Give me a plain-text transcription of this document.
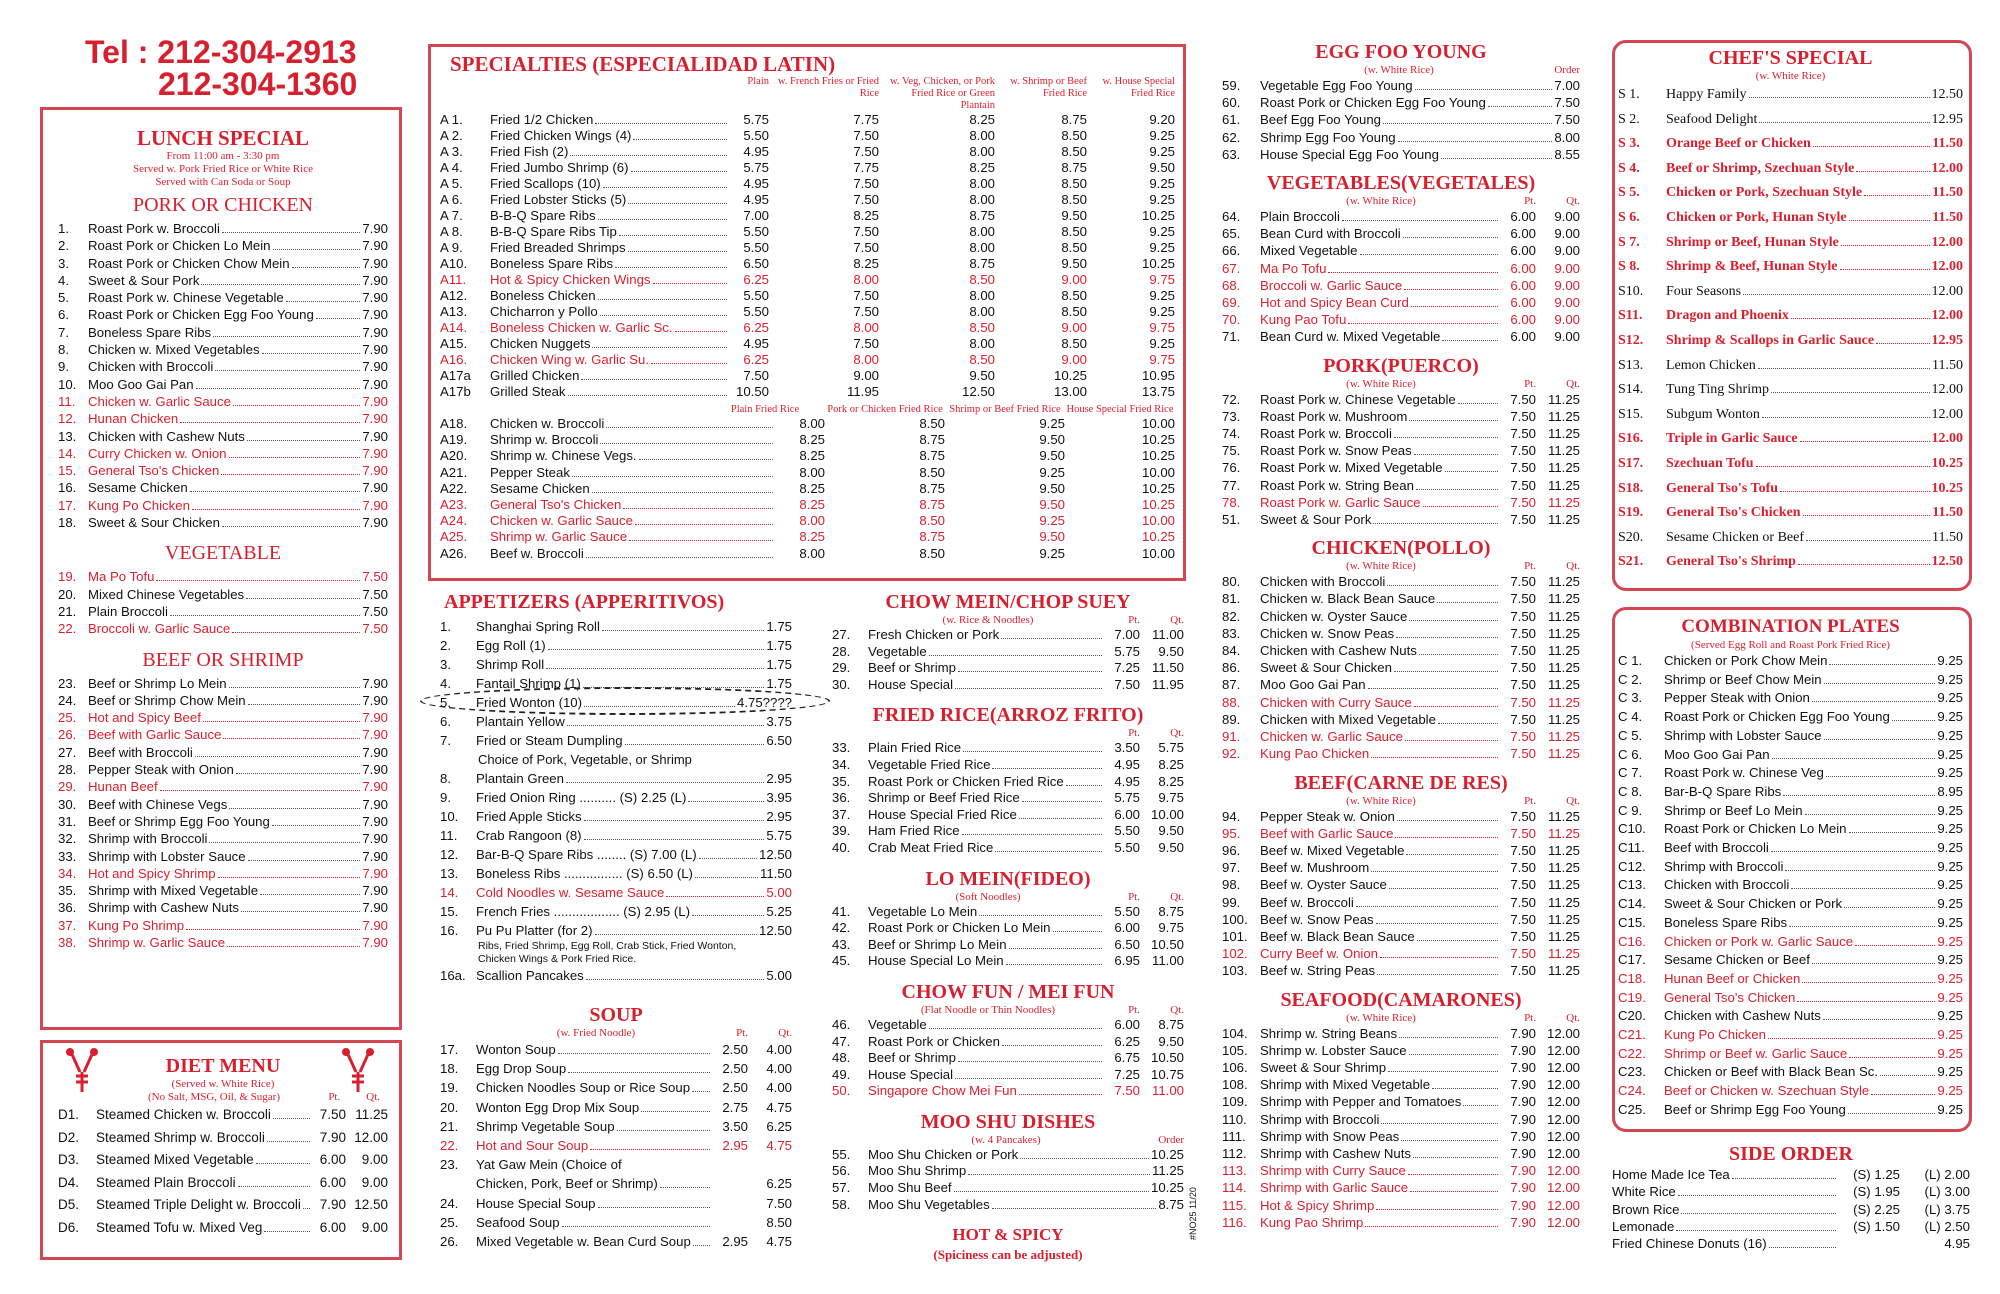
Tel : 212-304-2913
212-304-1360
LUNCH SPECIAL
From 11:00 am - 3:30 pm
Served w. Pork Fried Rice or White Rice
Served with Can Soda or Soup
PORK OR CHICKEN
1.	Roast Pork w. Broccoli	7.90
2.	Roast Pork or Chicken Lo Mein	7.90
3.	Roast Pork or Chicken Chow Mein	7.90
4.	Sweet & Sour Pork	7.90
5.	Roast Pork w. Chinese Vegetable	7.90
6.	Roast Pork or Chicken Egg Foo Young	7.90
7.	Boneless Spare Ribs	7.90
8.	Chicken w. Mixed Vegetables	7.90
9.	Chicken with Broccoli	7.90
10. Moo Goo Gai Pan	7.90
11. Chicken w. Garlic Sauce	7.90
12. Hunan Chicken	7.90
13. Chicken with Cashew Nuts	7.90
14. Curry Chicken w. Onion	7.90
15. General Tso's Chicken	7.90
16. Sesame Chicken	7.90
17. Kung Po Chicken	7.90
18. Sweet & Sour Chicken	7.90
VEGETABLE
19. Ma Po Tofu	7.50
20. Mixed Chinese Vegetables	7.50
21. Plain Broccoli	7.50
22. Broccoli w. Garlic Sauce	7.50
BEEF OR SHRIMP
23. Beef or Shrimp Lo Mein	7.90
24. Beef or Shrimp Chow Mein	7.90
25. Hot and Spicy Beef	7.90
26. Beef with Garlic Sauce	7.90
27. Beef with Broccoli	7.90
28. Pepper Steak with Onion	7.90
29. Hunan Beef	7.90
30. Beef with Chinese Vegs	7.90
31. Beef or Shrimp Egg Foo Young	7.90
32. Shrimp with Broccoli	7.90
33. Shrimp with Lobster Sauce	7.90
34. Hot and Spicy Shrimp	7.90
35. Shrimp with Mixed Vegetable	7.90
36. Shrimp with Cashew Nuts	7.90
37. Kung Po Shrimp	7.90
38. Shrimp w. Garlic Sauce	7.90
DIET MENU
(Served w. White Rice)
(No Salt, MSG, Oil, & Sugar)	Pt. Qt.
D1.	Steamed Chicken w. Broccoli	7.50 11.25
D2.	Steamed Shrimp w. Broccoli	7.90 12.00
D3.	Steamed Mixed Vegetable	6.00	9.00
D4.	Steamed Plain Broccoli	6.00	9.00
D5.	Steamed Triple Delight w. Broccoli	7.90 12.50
D6.	Steamed Tofu w. Mixed Veg	6.00	9.00
SPECIALTIES (ESPECIALIDAD LATIN)
Plain w. French Fries or Fried Rice
w. Veg, Chicken, or Pork Fried Rice or Green Plantain
w. Shrimp or Beef Fried Rice
w. House Special Fried Rice
A 1.	Fried 1/2 Chicken	5.75	7.75	8.25	8.75	9.20
A 2.	Fried Chicken Wings (4)	5.50	7.50	8.00	8.50	9.25
A 3.	Fried Fish (2)	4.95	7.50	8.00	8.50	9.25
A 4.	Fried Jumbo Shrimp (6)	5.75	7.75	8.25	8.75	9.50
A 5.	Fried Scallops (10)	4.95	7.50	8.00	8.50	9.25
A 6.	Fried Lobster Sticks (5)	4.95	7.50	8.00	8.50	9.25
A 7.	B-B-Q Spare Ribs	7.00	8.25	8.75	9.50	10.25
A 8.	B-B-Q Spare Ribs Tip	5.50	7.50	8.00	8.50	9.25
A 9.	Fried Breaded Shrimps	5.50	7.50	8.00	8.50	9.25
A10.	Boneless Spare Ribs	6.50	8.25	8.75	9.50	10.25
A11.	Hot & Spicy Chicken Wings	6.25	8.00	8.50	9.00	9.75
A12.	Boneless Chicken	5.50	7.50	8.00	8.50	9.25
A13.	Chicharron y Pollo	5.50	7.50	8.00	8.50	9.25
A14.	Boneless Chicken w. Garlic Sc.	6.25	8.00	8.50	9.00	9.75
A15.	Chicken Nuggets	4.95	7.50	8.00	8.50	9.25
A16.	Chicken Wing w. Garlic Su.	6.25	8.00	8.50	9.00	9.75
A17a	Grilled Chicken	7.50	9.00	9.50	10.25	10.95
A17b	Grilled Steak	10.50	11.95	12.50	13.00	13.75
Plain Fried Rice	Pork or Chicken Fried Rice Shrimp or Beef Fried Rice House Special Fried Rice
A18.	Chicken w. Broccoli	8.00	8.50	9.25	10.00
A19.	Shrimp w. Broccoli	8.25	8.75	9.50	10.25
A20.	Shrimp w. Chinese Vegs.	8.25	8.75	9.50	10.25
A21.	Pepper Steak	8.00	8.50	9.25	10.00
A22.	Sesame Chicken	8.25	8.75	9.50	10.25
A23.	General Tso's Chicken	8.25	8.75	9.50	10.25
A24.	Chicken w. Garlic Sauce	8.00	8.50	9.25	10.00
A25.	Shrimp w. Garlic Sauce	8.25	8.75	9.50	10.25
A26.	Beef w. Broccoli	8.00	8.50	9.25	10.00
APPETIZERS (APPERITIVOS)
1.	Shanghai Spring Roll	1.75
2.	Egg Roll (1)	1.75
3.	Shrimp Roll	1.75
4.	Fantail Shrimp (1)	1.75
5.	Fried Wonton (10)	4.75????
6.	Plantain Yellow	3.75
7.	Fried or Steam Dumpling	6.50
Choice of Pork, Vegetable, or Shrimp
8.	Plantain Green	2.95
9.	Fried Onion Ring .......... (S) 2.25 (L)	3.95
10.	Fried Apple Sticks	2.95
11.	Crab Rangoon (8)	5.75
12.	Bar-B-Q Spare Ribs ........ (S) 7.00 (L)	12.50
13.	Boneless Ribs ................ (S) 6.50 (L)	11.50
14.	Cold Noodles w. Sesame Sauce	5.00
15.	French Fries .................. (S) 2.95 (L)	5.25
16.	Pu Pu Platter (for 2)	12.50
Ribs, Fried Shrimp, Egg Roll, Crab Stick, Fried Wonton,
Chicken Wings & Pork Fried Rice.
16a. Scallion Pancakes	5.00
SOUP
(w. Fried Noodle)	Pt.	Qt.
17.	Wonton Soup	2.50	4.00
18.	Egg Drop Soup	2.50	4.00
19.	Chicken Noodles Soup or Rice Soup	2.50	4.00
20.	Wonton Egg Drop Mix Soup	2.75	4.75
21.	Shrimp Vegetable Soup	3.50	6.25
22.	Hot and Sour Soup	2.95	4.75
23.	Yat Gaw Mein (Choice of
Chicken, Pork, Beef or Shrimp)	6.25
24.	House Special Soup	7.50
25.	Seafood Soup	8.50
26.	Mixed Vegetable w. Bean Curd Soup	2.95	4.75
CHOW MEIN/CHOP SUEY
(w. Rice & Noodles)	Pt.	Qt.
27.	Fresh Chicken or Pork	7.00 11.00
28.	Vegetable	5.75	9.50
29.	Beef or Shrimp	7.25 11.50
30.	House Special	7.50 11.95
FRIED RICE(ARROZ FRITO)
Pt.	Qt.
33.	Plain Fried Rice	3.50	5.75
34.	Vegetable Fried Rice	4.95	8.25
35.	Roast Pork or Chicken Fried Rice	4.95	8.25
36.	Shrimp or Beef Fried Rice	5.75	9.75
37.	House Special Fried Rice	6.00 10.00
39.	Ham Fried Rice	5.50	9.50
40.	Crab Meat Fried Rice	5.50	9.50
LO MEIN(FIDEO)
(Soft Noodles)	Pt.	Qt.
41.	Vegetable Lo Mein	5.50	8.75
42.	Roast Pork or Chicken Lo Mein	6.00	9.75
43.	Beef or Shrimp Lo Mein	6.50 10.50
45.	House Special Lo Mein	6.95 11.00
CHOW FUN / MEI FUN
(Flat Noodle or Thin Noodles)	Pt.	Qt.
46.	Vegetable	6.00	8.75
47.	Roast Pork or Chicken	6.25	9.50
48.	Beef or Shrimp	6.75 10.50
49.	House Special	7.25 10.75
50.	Singapore Chow Mei Fun	7.50 11.00
MOO SHU DISHES
(w. 4 Pancakes)	Order
55.	Moo Shu Chicken or Pork	10.25
56.	Moo Shu Shrimp	11.25
57.	Moo Shu Beef	10.25
58.	Moo Shu Vegetables	8.75
HOT & SPICY
(Spiciness can be adjusted)
EGG FOO YOUNG
(w. White Rice)	Order
59.	Vegetable Egg Foo Young	7.00
60.	Roast Pork or Chicken Egg Foo Young	7.50
61.	Beef Egg Foo Young	7.50
62.	Shrimp Egg Foo Young	8.00
63.	House Special Egg Foo Young	8.55
VEGETABLES(VEGETALES)
(w. White Rice)	Pt.	Qt.
64.	Plain Broccoli	6.00	9.00
65.	Bean Curd with Broccoli	6.00	9.00
66.	Mixed Vegetable	6.00	9.00
67.	Ma Po Tofu	6.00	9.00
68.	Broccoli w. Garlic Sauce	6.00	9.00
69.	Hot and Spicy Bean Curd	6.00	9.00
70.	Kung Pao Tofu	6.00	9.00
71.	Bean Curd w. Mixed Vegetable	6.00	9.00
PORK(PUERCO)
(w. White Rice)	Pt.	Qt.
72.	Roast Pork w. Chinese Vegetable	7.50 11.25
73.	Roast Pork w. Mushroom	7.50 11.25
74.	Roast Pork w. Broccoli	7.50 11.25
75.	Roast Pork w. Snow Peas	7.50 11.25
76.	Roast Pork w. Mixed Vegetable	7.50 11.25
77.	Roast Pork w. String Bean	7.50 11.25
78.	Roast Pork w. Garlic Sauce	7.50 11.25
51.	Sweet & Sour Pork	7.50 11.25
CHICKEN(POLLO)
(w. White Rice)	Pt.	Qt.
80.	Chicken with Broccoli	7.50 11.25
81.	Chicken w. Black Bean Sauce	7.50 11.25
82.	Chicken w. Oyster Sauce	7.50 11.25
83.	Chicken w. Snow Peas	7.50 11.25
84.	Chicken with Cashew Nuts	7.50 11.25
86.	Sweet & Sour Chicken	7.50 11.25
87.	Moo Goo Gai Pan	7.50 11.25
88.	Chicken with Curry Sauce	7.50 11.25
89.	Chicken with Mixed Vegetable	7.50 11.25
91.	Chicken w. Garlic Sauce	7.50 11.25
92.	Kung Pao Chicken	7.50 11.25
BEEF(CARNE DE RES)
(w. White Rice)	Pt.	Qt.
94.	Pepper Steak w. Onion	7.50 11.25
95.	Beef with Garlic Sauce	7.50 11.25
96.	Beef w. Mixed Vegetable	7.50 11.25
97.	Beef w. Mushroom	7.50 11.25
98.	Beef w. Oyster Sauce	7.50 11.25
99.	Beef w. Broccoli	7.50 11.25
100. Beef w. Snow Peas	7.50 11.25
101. Beef w. Black Bean Sauce	7.50 11.25
102. Curry Beef w. Onion	7.50 11.25
103. Beef w. String Peas	7.50 11.25
SEAFOOD(CAMARONES)
(w. White Rice)	Pt.	Qt.
104. Shrimp w. String Beans	7.90 12.00
105. Shrimp w. Lobster Sauce	7.90 12.00
106. Sweet & Sour Shrimp	7.90 12.00
108. Shrimp with Mixed Vegetable	7.90 12.00
109. Shrimp with Pepper and Tomatoes	7.90 12.00
110.	Shrimp with Broccoli	7.90 12.00
111.	Shrimp with Snow Peas	7.90 12.00
112.	Shrimp with Cashew Nuts	7.90 12.00
113.	Shrimp with Curry Sauce	7.90 12.00
114.	Shrimp with Garlic Sauce	7.90 12.00
115.	Hot & Spicy Shrimp	7.90 12.00
116.	Kung Pao Shrimp	7.90 12.00
CHEF'S SPECIAL
(w. White Rice)
S 1.	Happy Family	12.50
S 2.	Seafood Delight	12.95
S 3.	Orange Beef or Chicken	11.50
S 4.	Beef or Shrimp, Szechuan Style	12.00
S 5.	Chicken or Pork, Szechuan Style	11.50
S 6.	Chicken or Pork, Hunan Style	11.50
S 7.	Shrimp or Beef, Hunan Style	12.00
S 8.	Shrimp & Beef, Hunan Style	12.00
S10.	Four Seasons	12.00
S11.	Dragon and Phoenix	12.00
S12.	Shrimp & Scallops in Garlic Sauce	12.95
S13.	Lemon Chicken	11.50
S14.	Tung Ting Shrimp	12.00
S15.	Subgum Wonton	12.00
S16.	Triple in Garlic Sauce	12.00
S17.	Szechuan Tofu	10.25
S18.	General Tso's Tofu	10.25
S19.	General Tso's Chicken	11.50
S20.	Sesame Chicken or Beef	11.50
S21.	General Tso's Shrimp	12.50
COMBINATION PLATES
(Served Egg Roll and Roast Pork Fried Rice)
C 1.	Chicken or Pork Chow Mein	9.25
C 2.	Shrimp or Beef Chow Mein	9.25
C 3.	Pepper Steak with Onion	9.25
C 4.	Roast Pork or Chicken Egg Foo Young	9.25
C 5.	Shrimp with Lobster Sauce	9.25
C 6.	Moo Goo Gai Pan	9.25
C 7.	Roast Pork w. Chinese Veg	9.25
C 8.	Bar-B-Q Spare Ribs	8.95
C 9.	Shrimp or Beef Lo Mein	9.25
C10.	Roast Pork or Chicken Lo Mein	9.25
C11.	Beef with Broccoli	9.25
C12.	Shrimp with Broccoli	9.25
C13.	Chicken with Broccoli	9.25
C14.	Sweet & Sour Chicken or Pork	9.25
C15.	Boneless Spare Ribs	9.25
C16.	Chicken or Pork w. Garlic Sauce	9.25
C17.	Sesame Chicken or Beef	9.25
C18.	Hunan Beef or Chicken	9.25
C19.	General Tso's Chicken	9.25
C20.	Chicken with Cashew Nuts	9.25
C21.	Kung Po Chicken	9.25
C22.	Shrimp or Beef w. Garlic Sauce	9.25
C23.	Chicken or Beef with Black Bean Sc.	9.25
C24.	Beef or Chicken w. Szechuan Style	9.25
C25.	Beef or Shrimp Egg Foo Young	9.25
SIDE ORDER
Home Made Ice Tea	(S) 1.25	(L) 2.00
White Rice	(S) 1.95	(L) 3.00
Brown Rice	(S) 2.25	(L) 3.75
Lemonade	(S) 1.50	(L) 2.50
Fried Chinese Donuts (16)	4.95
#NO25 11/20
